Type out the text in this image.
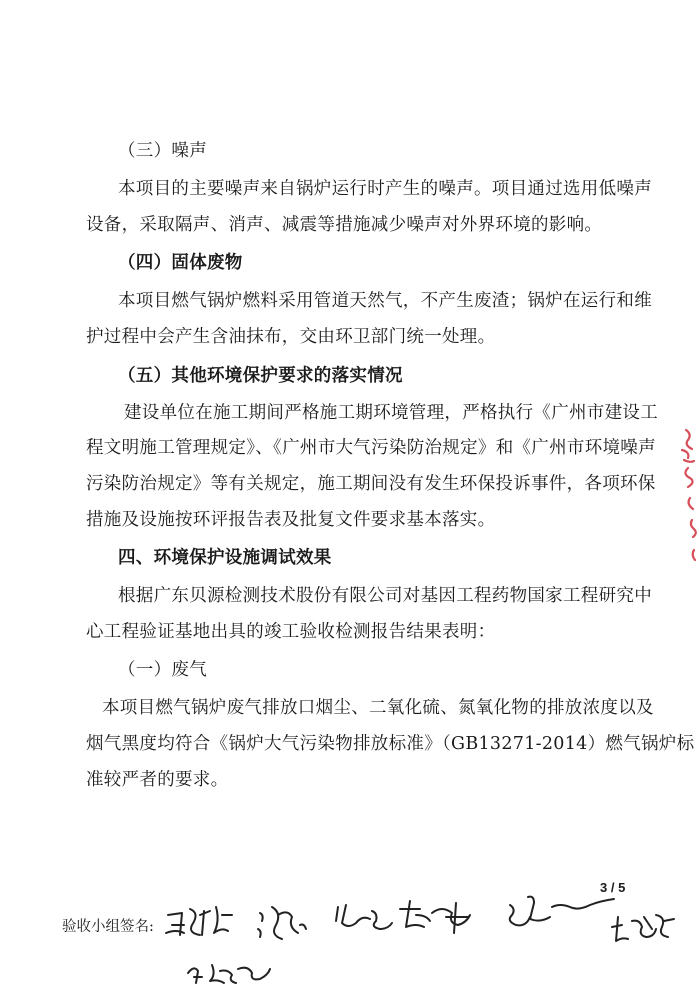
（三）噪声
本项目的主要噪声来自锅炉运行时产生的噪声。项目通过选用低噪声
设备，采取隔声、消声、减震等措施减少噪声对外界环境的影响。
（四）固体废物
本项目燃气锅炉燃料采用管道天然气，不产生废渣；锅炉在运行和维
护过程中会产生含油抹布，交由环卫部门统一处理。
（五）其他环境保护要求的落实情况
建设单位在施工期间严格施工期环境管理，严格执行《广州市建设工
程文明施工管理规定》、《广州市大气污染防治规定》和《广州市环境噪声
污染防治规定》等有关规定，施工期间没有发生环保投诉事件，各项环保
措施及设施按环评报告表及批复文件要求基本落实。
四、环境保护设施调试效果
根据广东贝源检测技术股份有限公司对基因工程药物国家工程研究中
心工程验证基地出具的竣工验收检测报告结果表明：
（一）废气
本项目燃气锅炉废气排放口烟尘、二氧化硫、氮氧化物的排放浓度以及
烟气黑度均符合《锅炉大气污染物排放标准》（GB13271-2014）燃气锅炉标
准较严者的要求。
3 / 5
验收小组签名:
